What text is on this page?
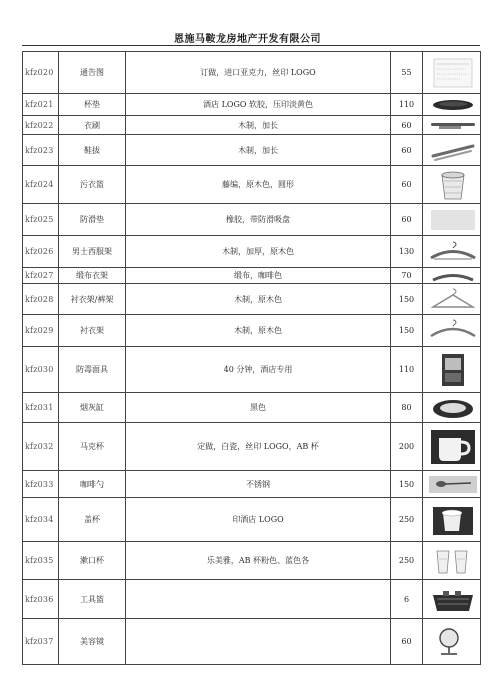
恩施马鞍龙房地产开发有限公司
kfz020	通告图	订做，进口亚克力，丝印 LOGO	55	

kfz021	杯垫	酒店 LOGO 软胶，压印淡黄色	110	

kfz022	衣刷	木制，加长	60	

kfz023	鞋拔	木制，加长	60	

kfz024	污衣篮	藤编，原木色，圆形	60	

kfz025	防滑垫	橡胶，带防滑吸盘	60	

kfz026	男士西服架	木制，加厚，原木色	130	

kfz027	缎布衣架	缎布，咖啡色	70	

kfz028	衬衣架/裤架	木制，原木色	150	

kfz029	衬衣架	木制，原木色	150	

kfz030	防毒面具	40 分钟，酒店专用	110	

kfz031	烟灰缸	黑色	80	

kfz032	马克杯	定做，白瓷，丝印 LOGO，AB 杯	200	

kfz033	咖啡勺	不锈钢	150	

kfz034	盖杯	印酒店 LOGO	250	

kfz035	漱口杯	乐美雅，AB 杯粉色、蓝色各	250	

kfz036	工具篮		6	

kfz037	美容镜		60	
